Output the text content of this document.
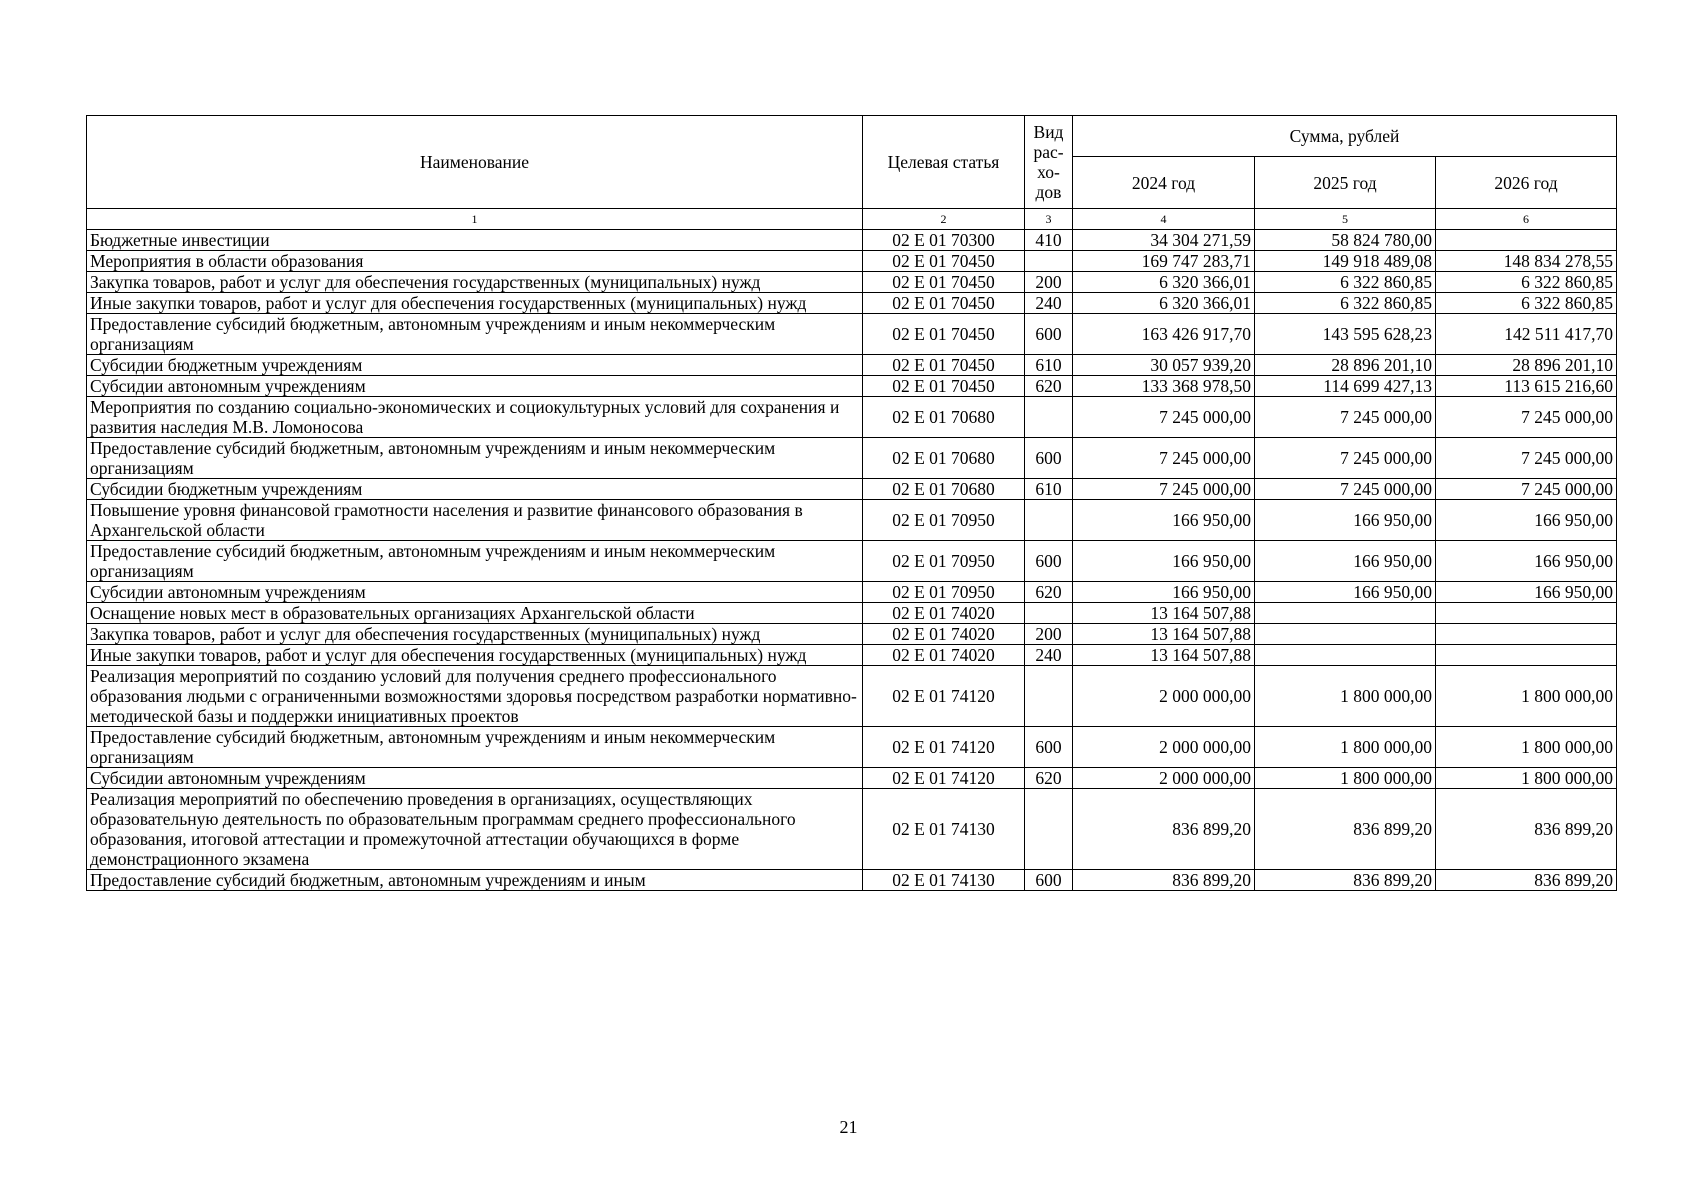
Наименование	Целевая статья	Вид рас-хо-дов	Сумма, рублей		
			2024 год	2025 год	2026 год
1	2	3	4	5	6
Бюджетные инвестиции	02 Е 01 70300	410	34 304 271,59	58 824 780,00	
Мероприятия в области образования	02 Е 01 70450		169 747 283,71	149 918 489,08	148 834 278,55
Закупка товаров, работ и услуг для обеспечения государственных (муниципальных) нужд	02 Е 01 70450	200	6 320 366,01	6 322 860,85	6 322 860,85
Иные закупки товаров, работ и услуг для обеспечения государственных (муниципальных) нужд	02 Е 01 70450	240	6 320 366,01	6 322 860,85	6 322 860,85
Предоставление субсидий бюджетным, автономным учреждениям и иным некоммерческим организациям	02 Е 01 70450	600	163 426 917,70	143 595 628,23	142 511 417,70
Субсидии бюджетным учреждениям	02 Е 01 70450	610	30 057 939,20	28 896 201,10	28 896 201,10
Субсидии автономным учреждениям	02 Е 01 70450	620	133 368 978,50	114 699 427,13	113 615 216,60
Мероприятия по созданию социально-экономических и социокультурных условий для сохранения и развития наследия М.В. Ломоносова	02 Е 01 70680		7 245 000,00	7 245 000,00	7 245 000,00
Предоставление субсидий бюджетным, автономным учреждениям и иным некоммерческим организациям	02 Е 01 70680	600	7 245 000,00	7 245 000,00	7 245 000,00
Субсидии бюджетным учреждениям	02 Е 01 70680	610	7 245 000,00	7 245 000,00	7 245 000,00
Повышение уровня финансовой грамотности населения и развитие финансового образования в Архангельской области	02 Е 01 70950		166 950,00	166 950,00	166 950,00
Предоставление субсидий бюджетным, автономным учреждениям и иным некоммерческим организациям	02 Е 01 70950	600	166 950,00	166 950,00	166 950,00
Субсидии автономным учреждениям	02 Е 01 70950	620	166 950,00	166 950,00	166 950,00
Оснащение новых мест в образовательных организациях Архангельской области	02 Е 01 74020		13 164 507,88		
Закупка товаров, работ и услуг для обеспечения государственных (муниципальных) нужд	02 Е 01 74020	200	13 164 507,88		
Иные закупки товаров, работ и услуг для обеспечения государственных (муниципальных) нужд	02 Е 01 74020	240	13 164 507,88		
Реализация мероприятий по созданию условий для получения среднего профессионального образования людьми с ограниченными возможностями здоровья посредством разработки нормативно-методической базы и поддержки инициативных проектов	02 Е 01 74120		2 000 000,00	1 800 000,00	1 800 000,00
Предоставление субсидий бюджетным, автономным учреждениям и иным некоммерческим организациям	02 Е 01 74120	600	2 000 000,00	1 800 000,00	1 800 000,00
Субсидии автономным учреждениям	02 Е 01 74120	620	2 000 000,00	1 800 000,00	1 800 000,00
Реализация мероприятий по обеспечению проведения в организациях, осуществляющих образовательную деятельность по образовательным программам среднего профессионального образования, итоговой аттестации и промежуточной аттестации обучающихся в форме демонстрационного экзамена	02 Е 01 74130		836 899,20	836 899,20	836 899,20
Предоставление субсидий бюджетным, автономным учреждениям и иным	02 Е 01 74130	600	836 899,20	836 899,20	836 899,20
21
